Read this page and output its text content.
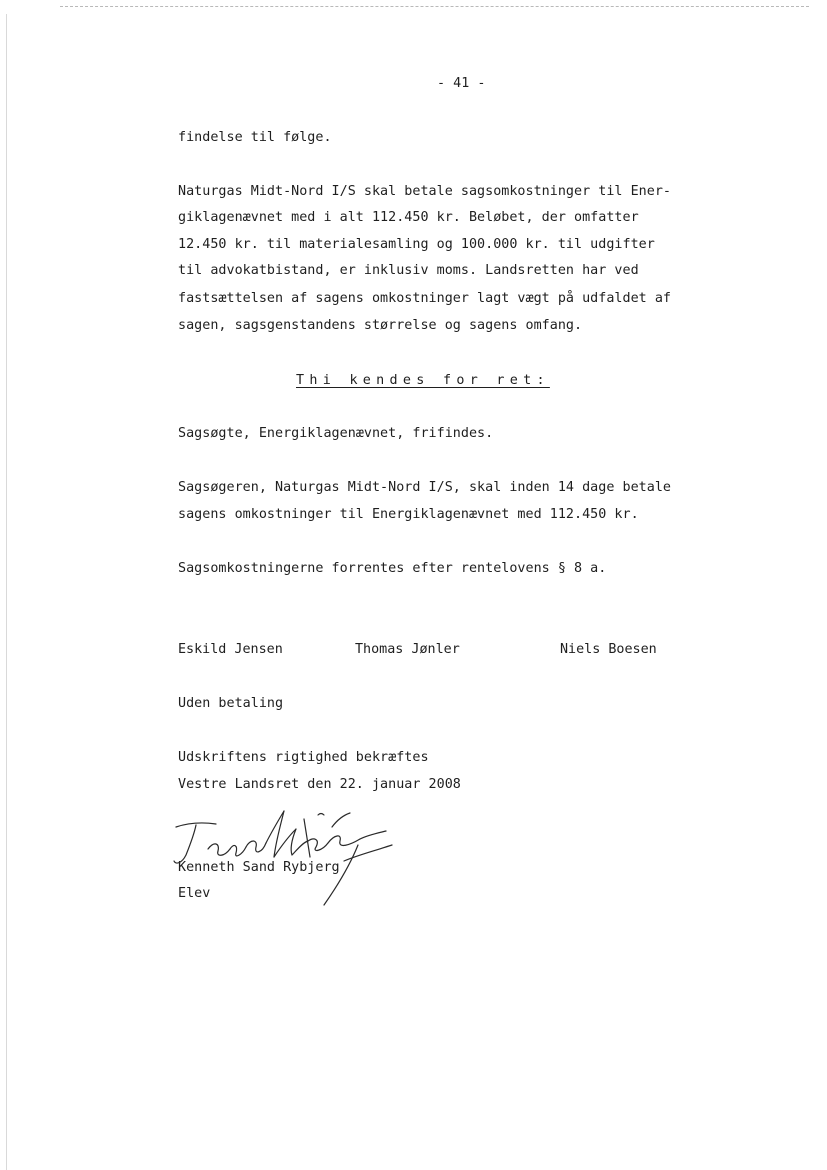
- 41 -
findelse til følge.
Naturgas Midt-Nord I/S skal betale sagsomkostninger til Ener-
giklagenævnet med i alt 112.450 kr. Beløbet, der omfatter
12.450 kr. til materialesamling og 100.000 kr. til udgifter
til advokatbistand, er inklusiv moms. Landsretten har ved
fastsættelsen af sagens omkostninger lagt vægt på udfaldet af
sagen, sagsgenstandens størrelse og sagens omfang.
Thi kendes for ret:
Sagsøgte, Energiklagenævnet, frifindes.
Sagsøgeren, Naturgas Midt-Nord I/S, skal inden 14 dage betale
sagens omkostninger til Energiklagenævnet med 112.450 kr.
Sagsomkostningerne forrentes efter rentelovens § 8 a.
Eskild Jensen	Thomas Jønler	Niels Boesen
Uden betaling
Udskriftens rigtighed bekræftes
Vestre Landsret den 22. januar 2008
Kenneth Sand Rybjerg
Elev
